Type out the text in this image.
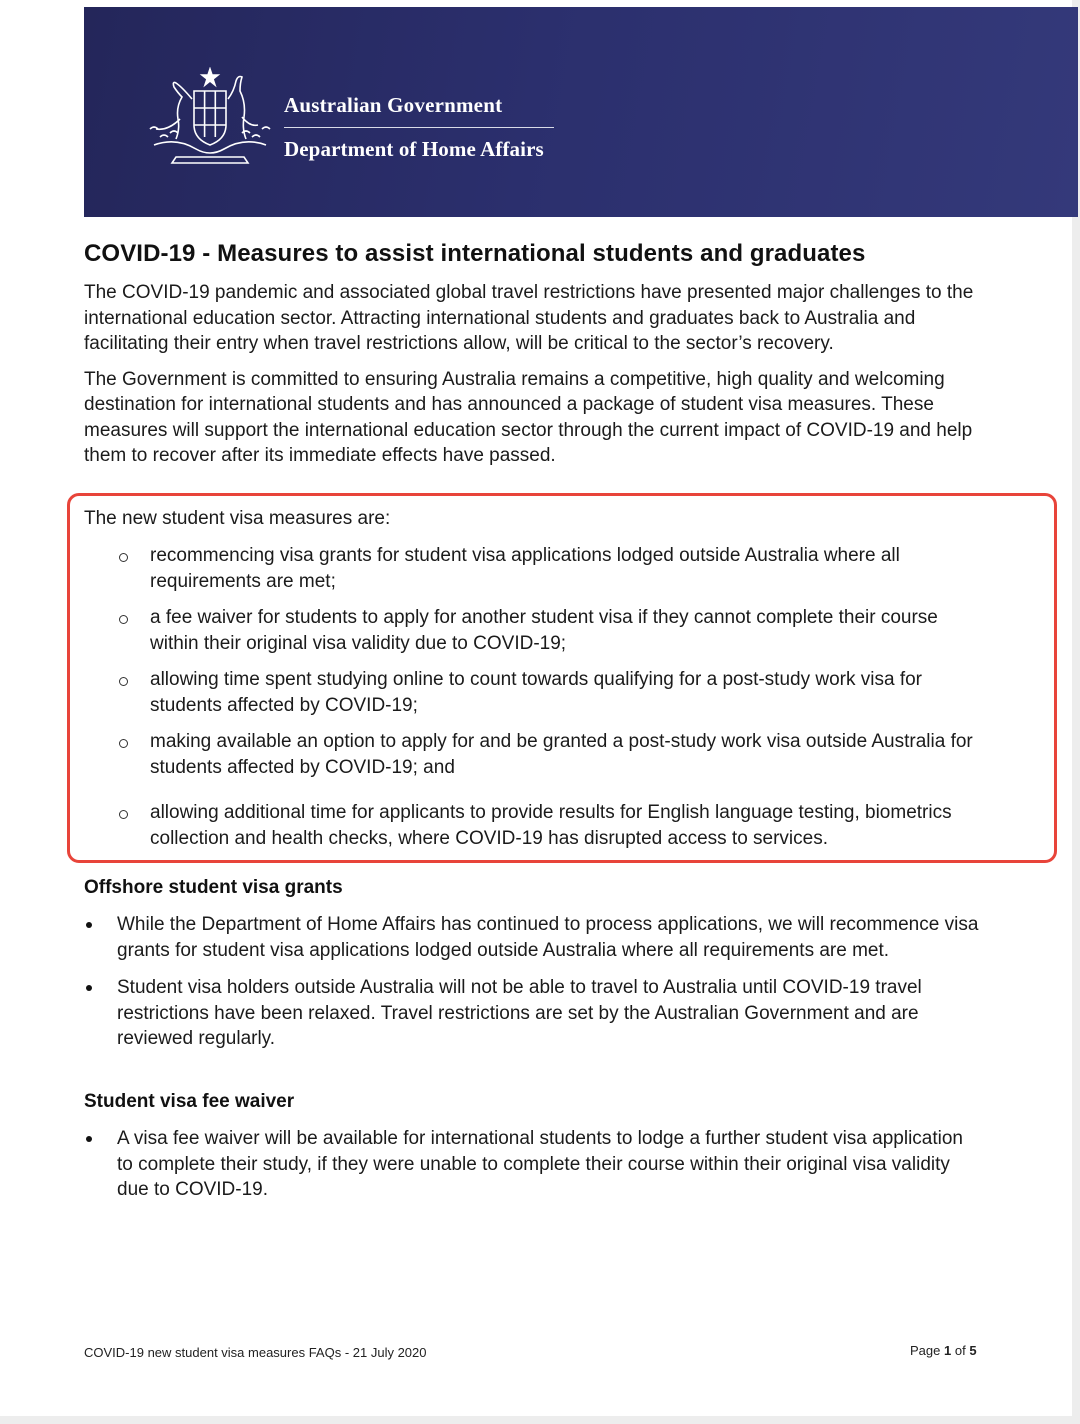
Australian Government
Department of Home Affairs
COVID-19 - Measures to assist international students and graduates

The COVID-19 pandemic and associated global travel restrictions have presented major challenges to the international education sector. Attracting international students and graduates back to Australia and facilitating their entry when travel restrictions allow, will be critical to the sector’s recovery.

The Government is committed to ensuring Australia remains a competitive, high quality and welcoming destination for international students and has announced a package of student visa measures. These measures will support the international education sector through the current impact of COVID-19 and help them to recover after its immediate effects have passed.

The new student visa measures are:
recommencing visa grants for student visa applications lodged outside Australia where all requirements are met;
a fee waiver for students to apply for another student visa if they cannot complete their course within their original visa validity due to COVID-19;
allowing time spent studying online to count towards qualifying for a post-study work visa for students affected by COVID-19;
making available an option to apply for and be granted a post-study work visa outside Australia for students affected by COVID-19; and
allowing additional time for applicants to provide results for English language testing, biometrics collection and health checks, where COVID-19 has disrupted access to services.
Offshore student visa grants
While the Department of Home Affairs has continued to process applications, we will recommence visa grants for student visa applications lodged outside Australia where all requirements are met.
Student visa holders outside Australia will not be able to travel to Australia until COVID-19 travel restrictions have been relaxed. Travel restrictions are set by the Australian Government and are reviewed regularly.
Student visa fee waiver
A visa fee waiver will be available for international students to lodge a further student visa application to complete their study, if they were unable to complete their course within their original visa validity due to COVID-19.
COVID-19 new student visa measures FAQs - 21 July 2020	Page 1 of 5
